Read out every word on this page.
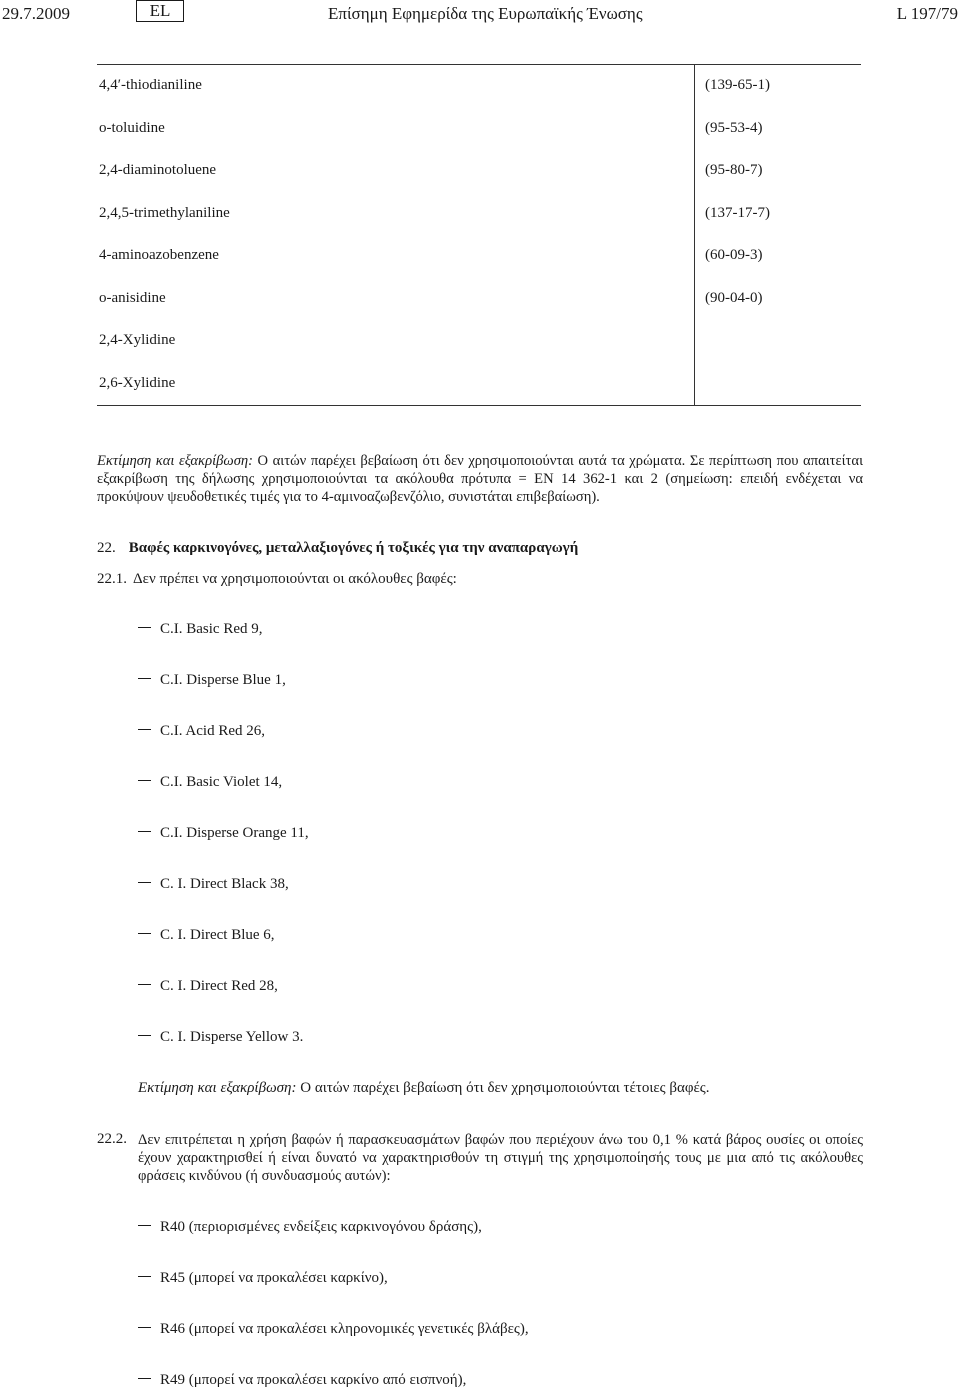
29.7.2009	EL	Επίσημη Εφημερίδα της Ευρωπαϊκής Ένωσης	L 197/79
4,4′-thiodianiline	(139-65-1)
o-toluidine	(95-53-4)
2,4-diaminotoluene	(95-80-7)
2,4,5-trimethylaniline	(137-17-7)
4-aminoazobenzene	(60-09-3)
o-anisidine	(90-04-0)
2,4-Xylidine
2,6-Xylidine

Εκτίμηση και εξακρίβωση: Ο αιτών παρέχει βεβαίωση ότι δεν χρησιμοποιούνται αυτά τα χρώματα. Σε περίπτωση που απαιτείται εξακρίβωση της δήλωσης χρησιμοποιούνται τα ακόλουθα πρότυπα = ΕΝ 14 362-1 και 2 (σημείωση: επειδή ενδέχεται να προκύψουν ψευδοθετικές τιμές για το 4-αμινοαζωβενζόλιο, συνιστάται επιβεβαίωση).

22. Βαφές καρκινογόνες, μεταλλαξιογόνες ή τοξικές για την αναπαραγωγή
22.1. Δεν πρέπει να χρησιμοποιούνται οι ακόλουθες βαφές:
C.I. Basic Red 9,
C.I. Disperse Blue 1,
C.I. Acid Red 26,
C.I. Basic Violet 14,
C.I. Disperse Orange 11,
C. I. Direct Black 38,
C. I. Direct Blue 6,
C. I. Direct Red 28,
C. I. Disperse Yellow 3.
Εκτίμηση και εξακρίβωση: Ο αιτών παρέχει βεβαίωση ότι δεν χρησιμοποιούνται τέτοιες βαφές.
22.2. Δεν επιτρέπεται η χρήση βαφών ή παρασκευασμάτων βαφών που περιέχουν άνω του 0,1 % κατά βάρος ουσίες οι οποίες έχουν χαρακτηρισθεί ή είναι δυνατό να χαρακτηρισθούν τη στιγμή της χρησιμοποίησής τους με μια από τις ακόλουθες φράσεις κινδύνου (ή συνδυασμούς αυτών):

R40 (περιορισμένες ενδείξεις καρκινογόνου δράσης),
R45 (μπορεί να προκαλέσει καρκίνο),
R46 (μπορεί να προκαλέσει κληρονομικές γενετικές βλάβες),
R49 (μπορεί να προκαλέσει καρκίνο από εισπνοή),
